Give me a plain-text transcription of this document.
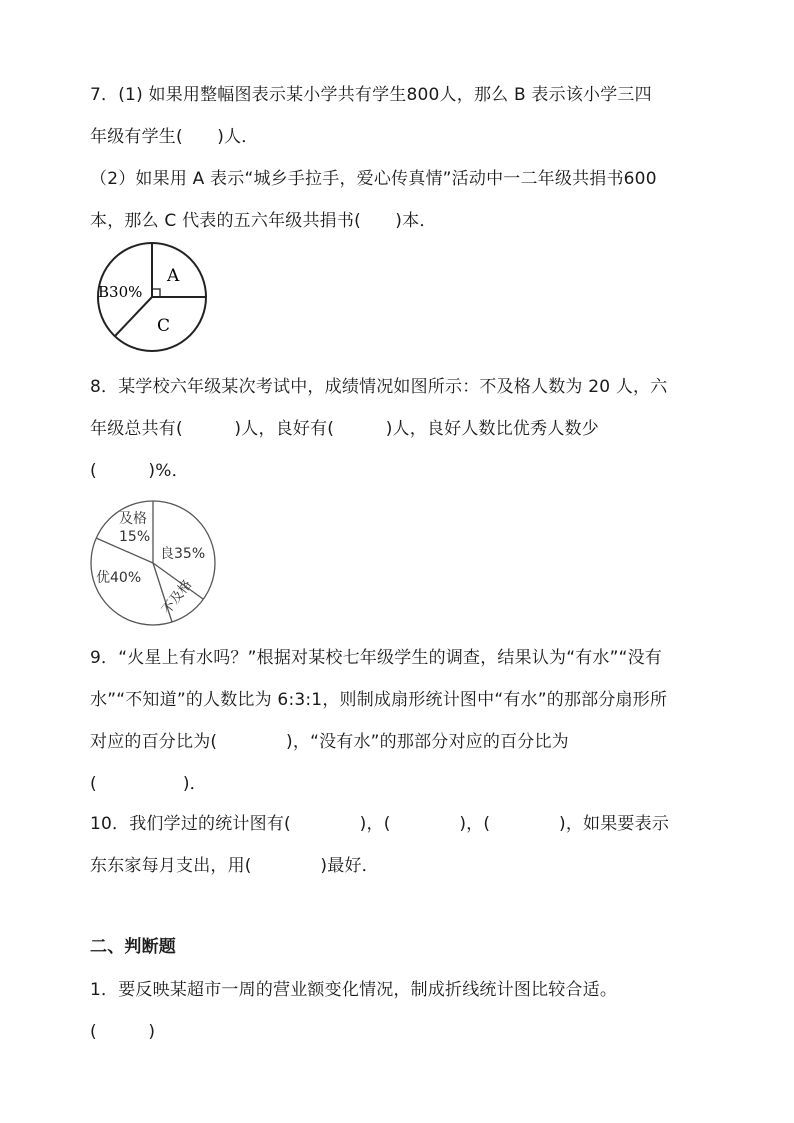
7．(1) 如果用整幅图表示某小学共有学生800人，那么 B 表示该小学三四
年级有学生(　　)人．
（2）如果用 A 表示“城乡手拉手，爱心传真情”活动中一二年级共捐书600
本，那么 C 代表的五六年级共捐书(　　)本．
A
B30%
C
8．某学校六年级某次考试中，成绩情况如图所示：不及格人数为 20 人，六
年级总共有(　　　)人，良好有(　　　)人，良好人数比优秀人数少
(　　　)%．
及格
15%
良35%
优40% 不及格
9．“火星上有水吗？”根据对某校七年级学生的调查，结果认为“有水”“没有
水”“不知道”的人数比为 6:3:1，则制成扇形统计图中“有水”的那部分扇形所
对应的百分比为(　　　　)，“没有水”的那部分对应的百分比为
(　　　　　)．
10．我们学过的统计图有(　　　　)，(　　　　)，(　　　　)，如果要表示
东东家每月支出，用(　　　　)最好．
二、判断题
1．要反映某超市一周的营业额变化情况，制成折线统计图比较合适。
(　　　)
